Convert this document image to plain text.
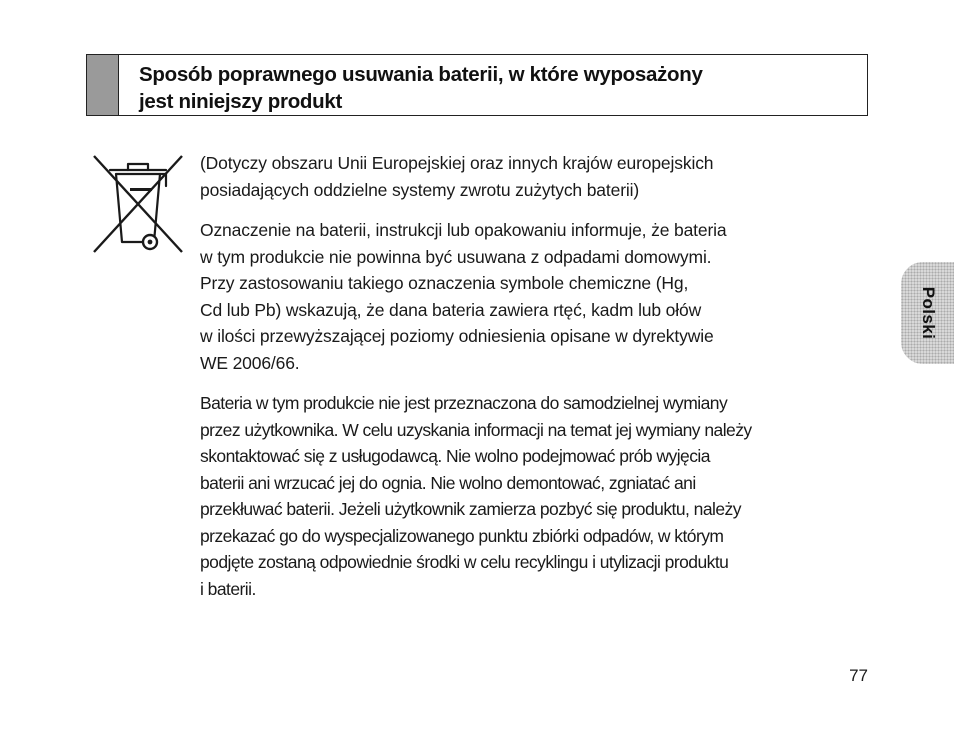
Sposób poprawnego usuwania baterii, w które wyposażony
jest niniejszy produkt

(Dotyczy obszaru Unii Europejskiej oraz innych krajów europejskich
posiadających oddzielne systemy zwrotu zużytych baterii)

Oznaczenie na baterii, instrukcji lub opakowaniu informuje, że bateria
w tym produkcie nie powinna być usuwana z odpadami domowymi.
Przy zastosowaniu takiego oznaczenia symbole chemiczne (Hg,
Cd lub Pb) wskazują, że dana bateria zawiera rtęć, kadm lub ołów
w ilości przewyższającej poziomy odniesienia opisane w dyrektywie
WE 2006/66.

Bateria w tym produkcie nie jest przeznaczona do samodzielnej wymiany
przez użytkownika. W celu uzyskania informacji na temat jej wymiany należy
skontaktować się z usługodawcą. Nie wolno podejmować prób wyjęcia
baterii ani wrzucać jej do ognia. Nie wolno demontować, zgniatać ani
przekłuwać baterii. Jeżeli użytkownik zamierza pozbyć się produktu, należy
przekazać go do wyspecjalizowanego punktu zbiórki odpadów, w którym
podjęte zostaną odpowiednie środki w celu recyklingu i utylizacji produktu
i baterii.

Polski
77
